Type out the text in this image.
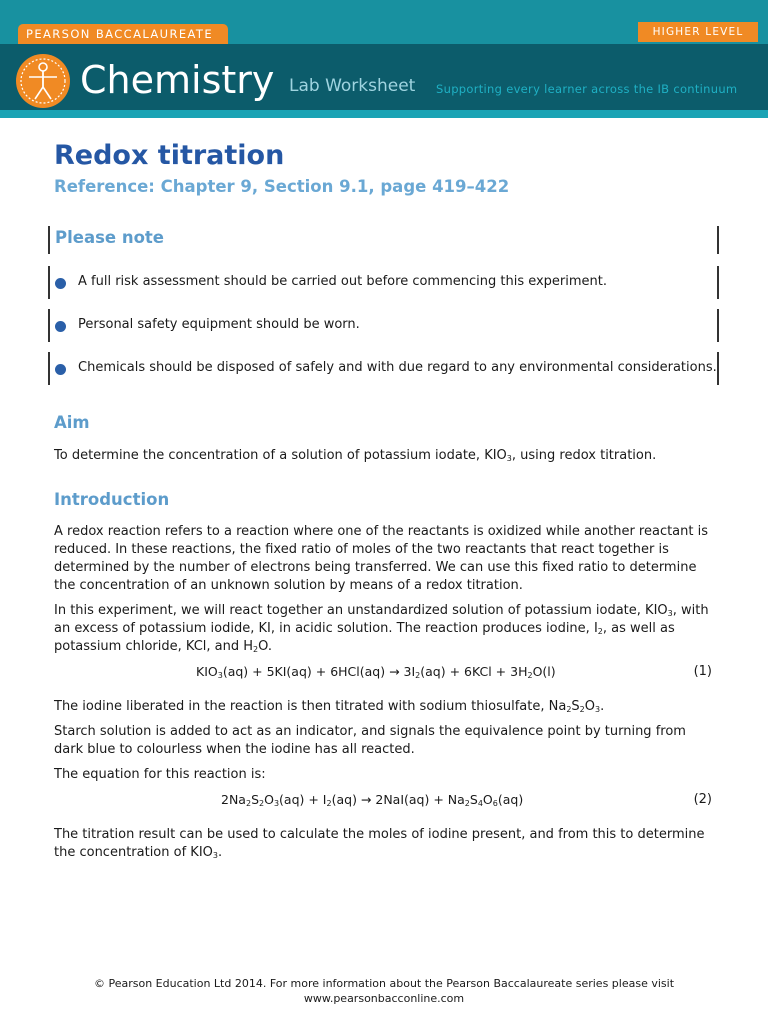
PEARSON BACCALAUREATE	HIGHER LEVEL
Chemistry Lab Worksheet Supporting every learner across the IB continuum
Redox titration
Reference: Chapter 9, Section 9.1, page 419–422
Please note
A full risk assessment should be carried out before commencing this experiment.
Personal safety equipment should be worn.
Chemicals should be disposed of safely and with due regard to any environmental considerations.
Aim
To determine the concentration of a solution of potassium iodate, $KIO_3$, using redox titration.
Introduction
A redox reaction refers to a reaction where one of the reactants is oxidized while another reactant is reduced. In these reactions, the fixed ratio of moles of the two reactants that react together is determined by the number of electrons being transferred. We can use this fixed ratio to determine the concentration of an unknown solution by means of a redox titration.
In this experiment, we will react together an unstandardized solution of potassium iodate, $KIO_3$, with an excess of potassium iodide, KI, in acidic solution. The reaction produces iodine, $I_2$, as well as potassium chloride, KCl, and $H_2O$.
$KIO_3(aq) + 5KI(aq) + 6HCl(aq) \to 3I_2(aq) + 6KCl + 3H_2O(l)$	(1)
The iodine liberated in the reaction is then titrated with sodium thiosulfate, $Na_2S_2O_3$.
Starch solution is added to act as an indicator, and signals the equivalence point by turning from dark blue to colourless when the iodine has all reacted.
The equation for this reaction is:
$2Na_2S_2O_3(aq) + I_2(aq) \to 2NaI(aq) + Na_2S_4O_6(aq)$	(2)
The titration result can be used to calculate the moles of iodine present, and from this to determine the concentration of $KIO_3$.
© Pearson Education Ltd 2014. For more information about the Pearson Baccalaureate series please visit
www.pearsonbacconline.com
